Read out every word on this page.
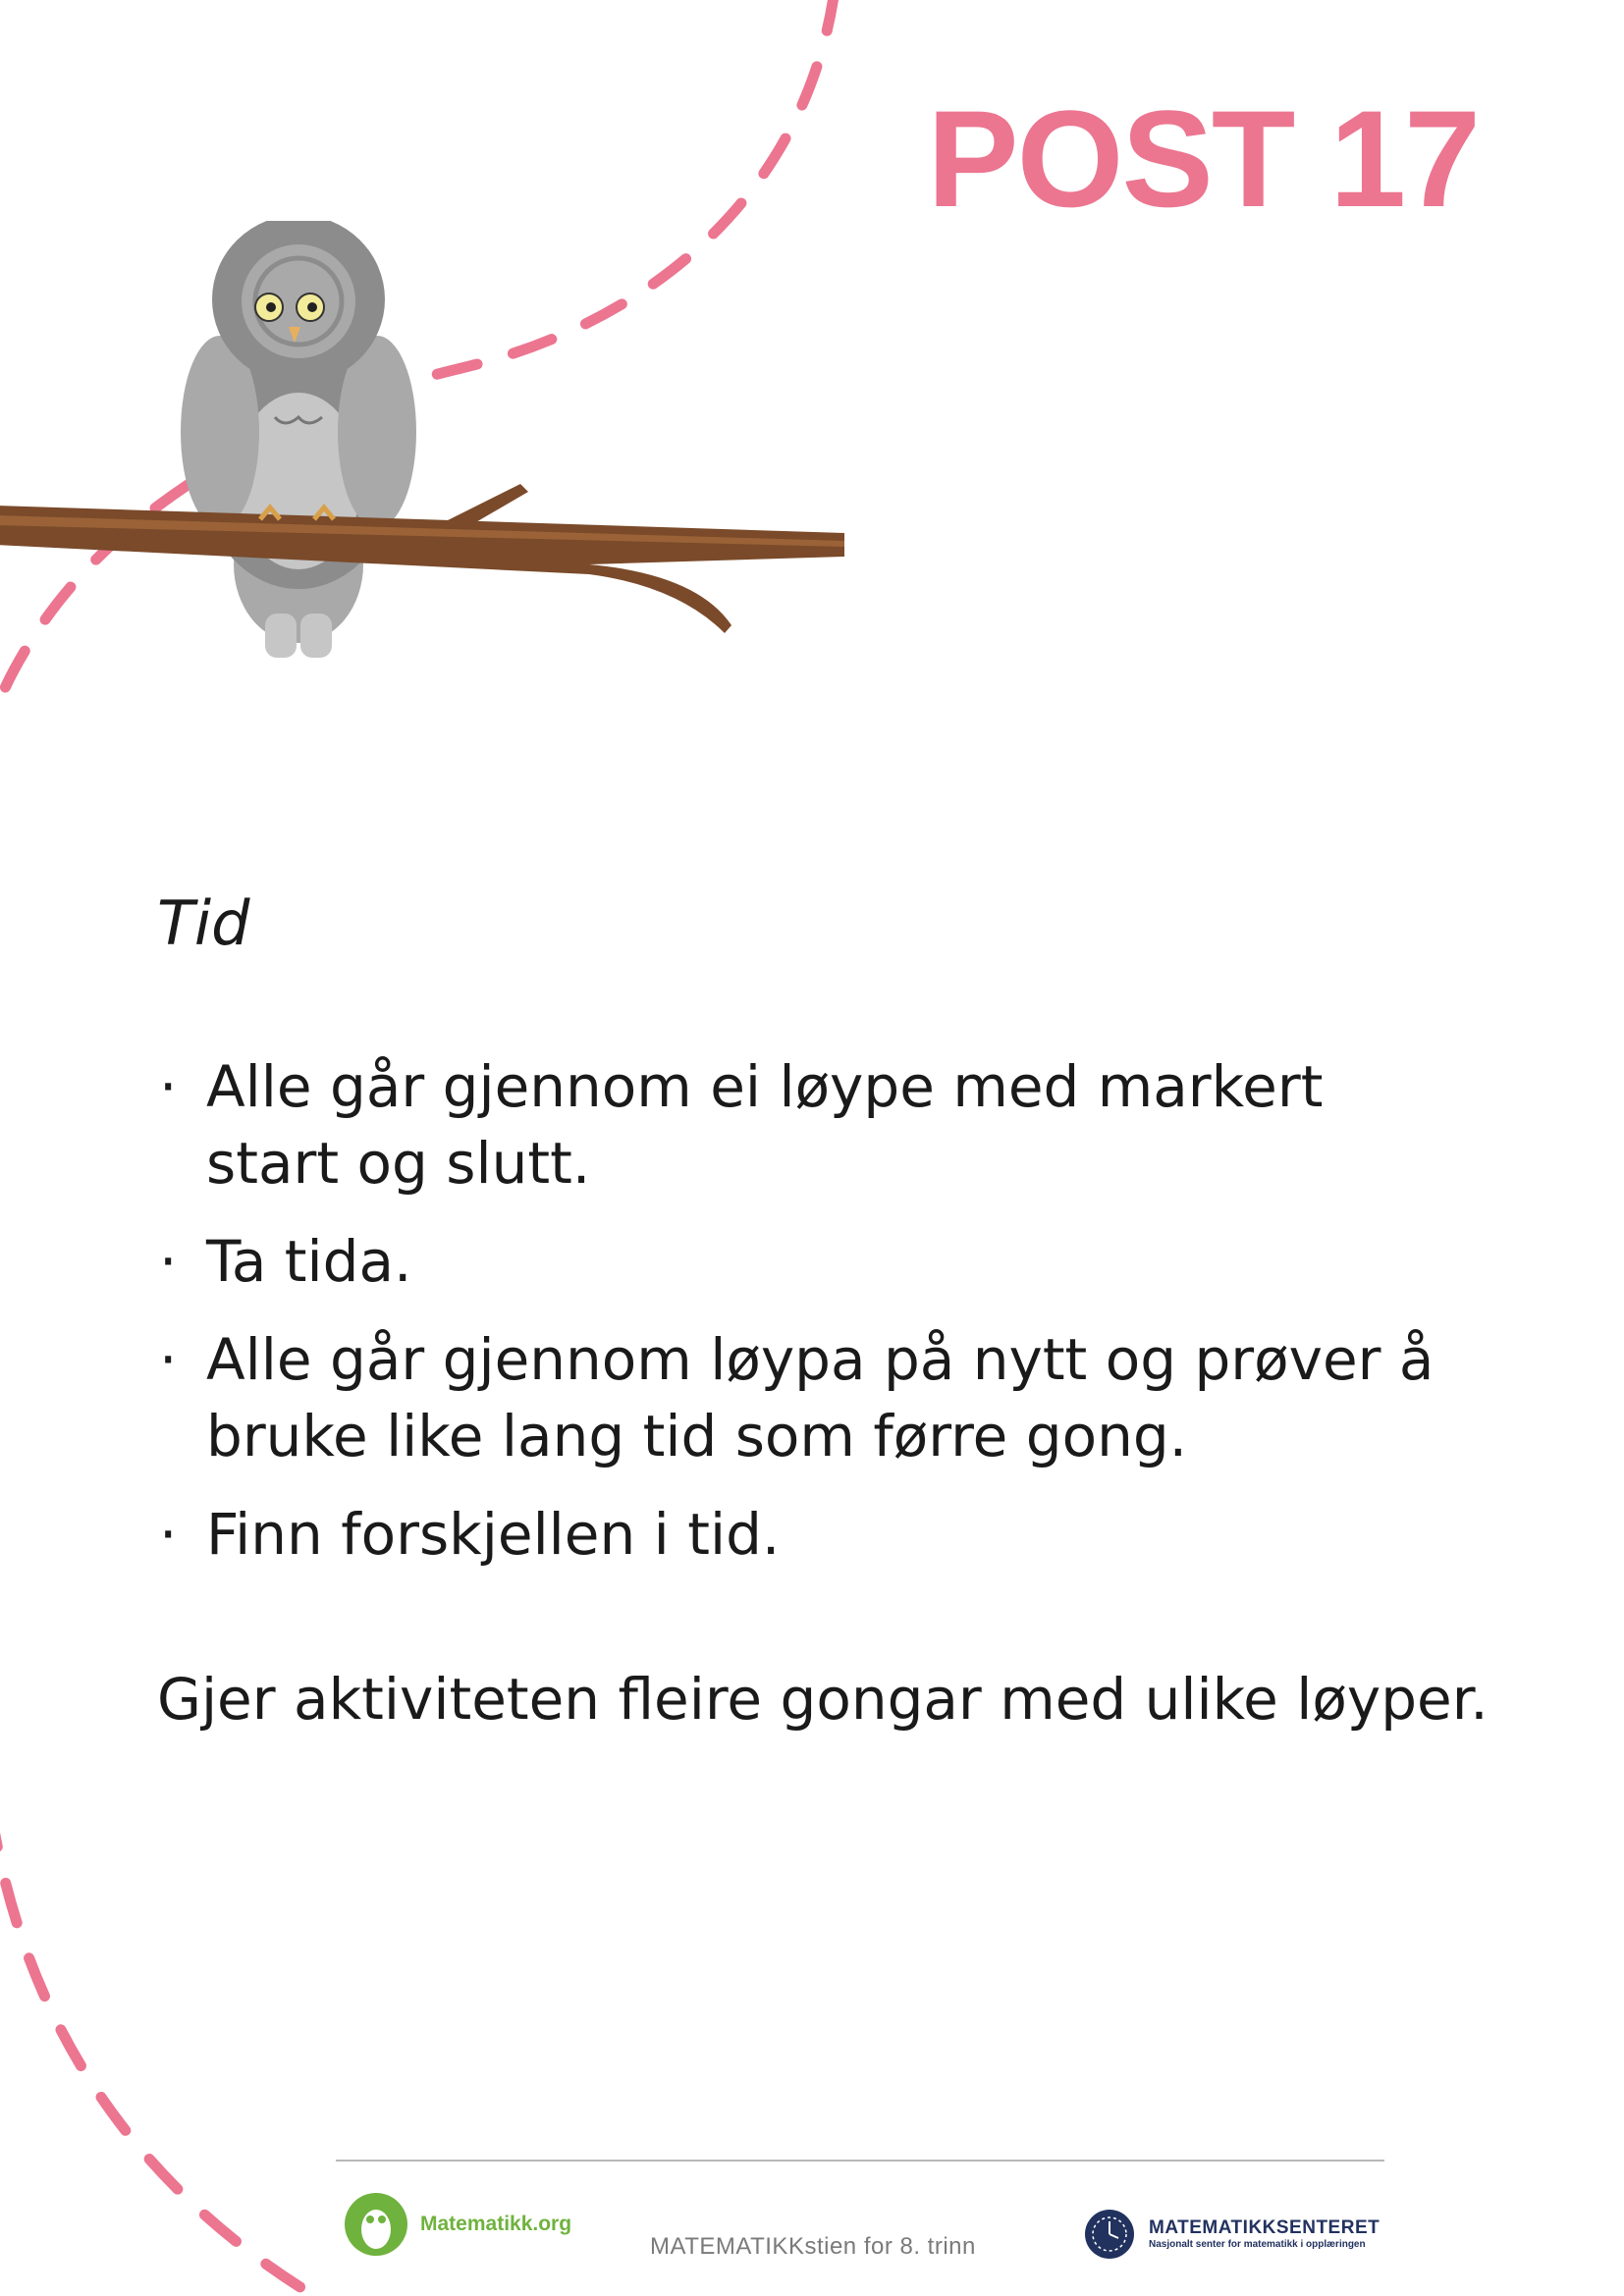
POST 17
Tid
· Alle går gjennom ei løype med markert start og slutt.
· Ta tida.
· Alle går gjennom løypa på nytt og prøver å bruke like lang tid som førre gong.
· Finn forskjellen i tid.
Gjer aktiviteten fleire gongar med ulike løyper.
Matematikk.org
MATEMATIKKstien for 8. trinn
MATEMATIKKSENTERET
Nasjonalt senter for matematikk i opplæringen
